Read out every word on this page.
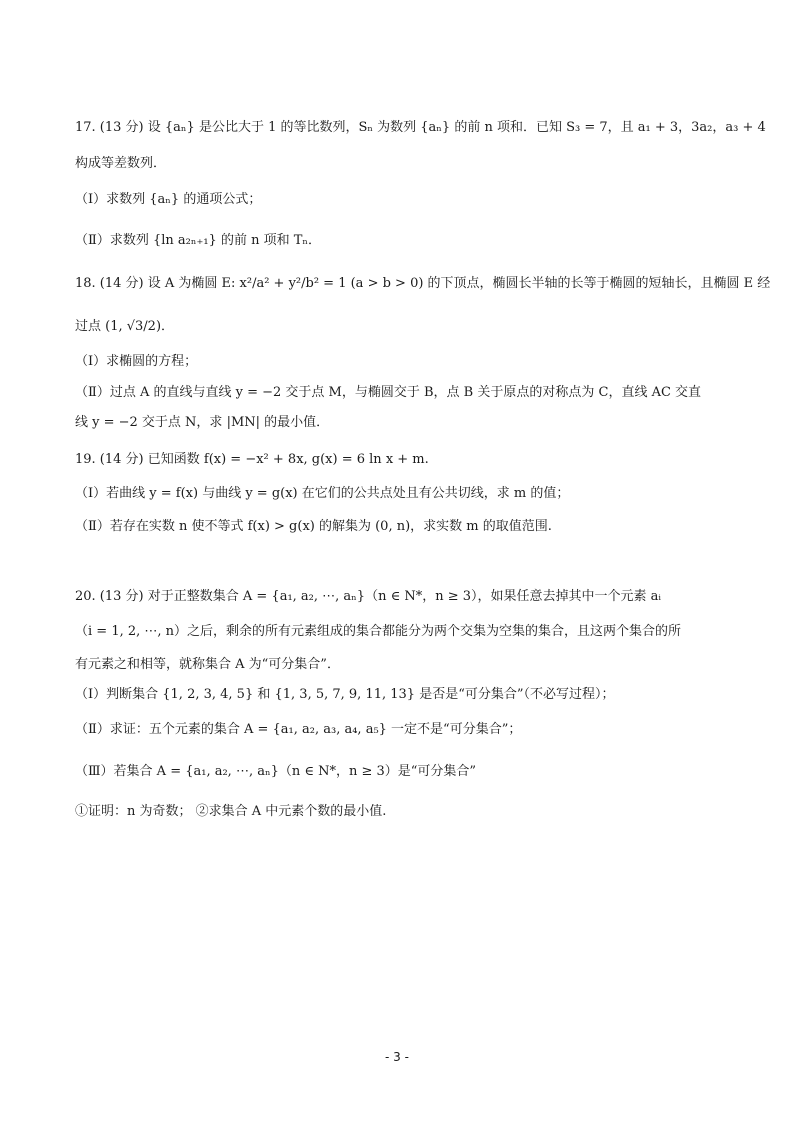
17. (13 分) 设 {aₙ} 是公比大于 1 的等比数列，Sₙ 为数列 {aₙ} 的前 n 项和．已知 S₃ = 7，且 a₁ + 3，3a₂，a₃ + 4
构成等差数列．
（Ⅰ）求数列 {aₙ} 的通项公式；
（Ⅱ）求数列 {ln a₂ₙ₊₁} 的前 n 项和 Tₙ．
18. (14 分) 设 A 为椭圆 E: x²/a² + y²/b² = 1 (a > b > 0) 的下顶点，椭圆长半轴的长等于椭圆的短轴长，且椭圆 E 经
过点 (1, √3/2)．
（Ⅰ）求椭圆的方程；
（Ⅱ）过点 A 的直线与直线 y = −2 交于点 M，与椭圆交于 B，点 B 关于原点的对称点为 C，直线 AC 交直
线 y = −2 交于点 N，求 |MN| 的最小值．
19. (14 分) 已知函数 f(x) = −x² + 8x, g(x) = 6 ln x + m.
（Ⅰ）若曲线 y = f(x) 与曲线 y = g(x) 在它们的公共点处且有公共切线，求 m 的值；
（Ⅱ）若存在实数 n 使不等式 f(x) > g(x) 的解集为 (0, n)，求实数 m 的取值范围.
20. (13 分) 对于正整数集合 A = {a₁, a₂, ⋯, aₙ}（n ∈ N*，n ≥ 3），如果任意去掉其中一个元素 aᵢ
（i = 1, 2, ⋯, n）之后，剩余的所有元素组成的集合都能分为两个交集为空集的集合，且这两个集合的所
有元素之和相等，就称集合 A 为“可分集合”．
（Ⅰ）判断集合 {1, 2, 3, 4, 5} 和 {1, 3, 5, 7, 9, 11, 13} 是否是“可分集合”（不必写过程）；
（Ⅱ）求证：五个元素的集合 A = {a₁, a₂, a₃, a₄, a₅} 一定不是“可分集合”；
（Ⅲ）若集合 A = {a₁, a₂, ⋯, aₙ}（n ∈ N*，n ≥ 3）是“可分集合”
①证明：n 为奇数； ②求集合 A 中元素个数的最小值.
- 3 -
